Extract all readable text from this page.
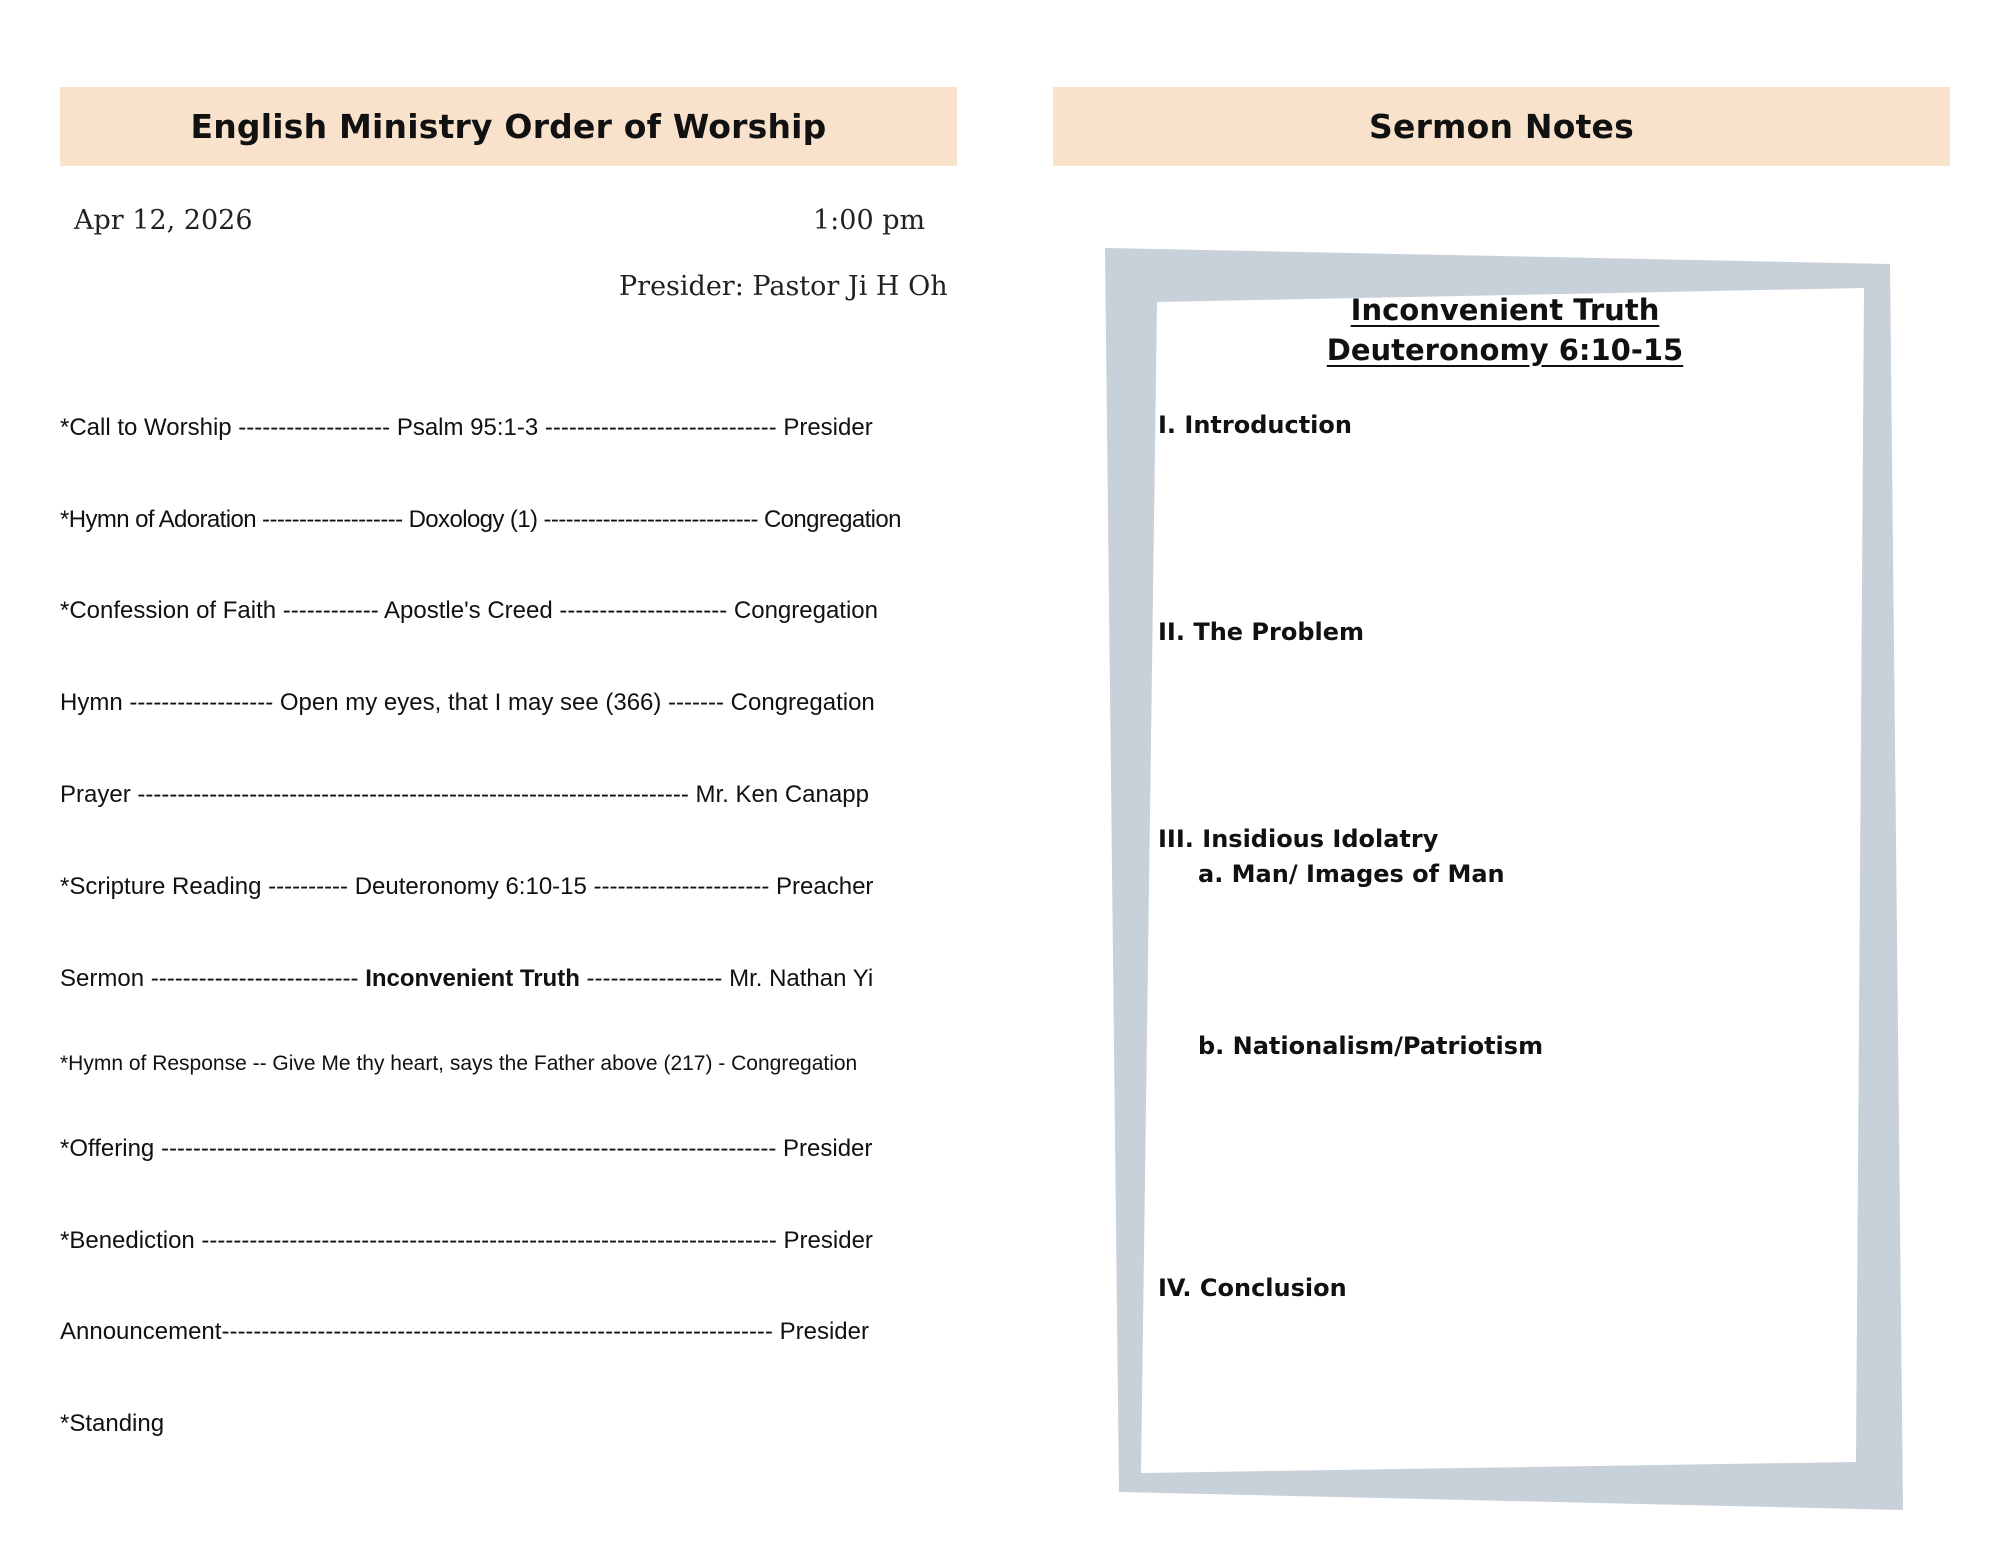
English Ministry Order of Worship
Apr 12, 2026	1:00 pm
Presider: Pastor Ji H Oh
*Call to Worship ------------------- Psalm 95:1-3 ----------------------------- Presider
*Hymn of Adoration ------------------- Doxology (1) ----------------------------- Congregation
*Confession of Faith ------------ Apostle's Creed --------------------- Congregation
Hymn ------------------ Open my eyes, that I may see (366) ------- Congregation
Prayer --------------------------------------------------------------------- Mr. Ken Canapp
*Scripture Reading ---------- Deuteronomy 6:10-15 ---------------------- Preacher
Sermon -------------------------- Inconvenient Truth ----------------- Mr. Nathan Yi
*Hymn of Response -- Give Me thy heart, says the Father above (217) - Congregation
*Offering ----------------------------------------------------------------------------- Presider
*Benediction ------------------------------------------------------------------------ Presider
Announcement--------------------------------------------------------------------- Presider
*Standing
Sermon Notes
Inconvenient Truth
Deuteronomy 6:10-15
I. Introduction
II. The Problem
III. Insidious Idolatry
a. Man/ Images of Man
b. Nationalism/Patriotism
IV. Conclusion
